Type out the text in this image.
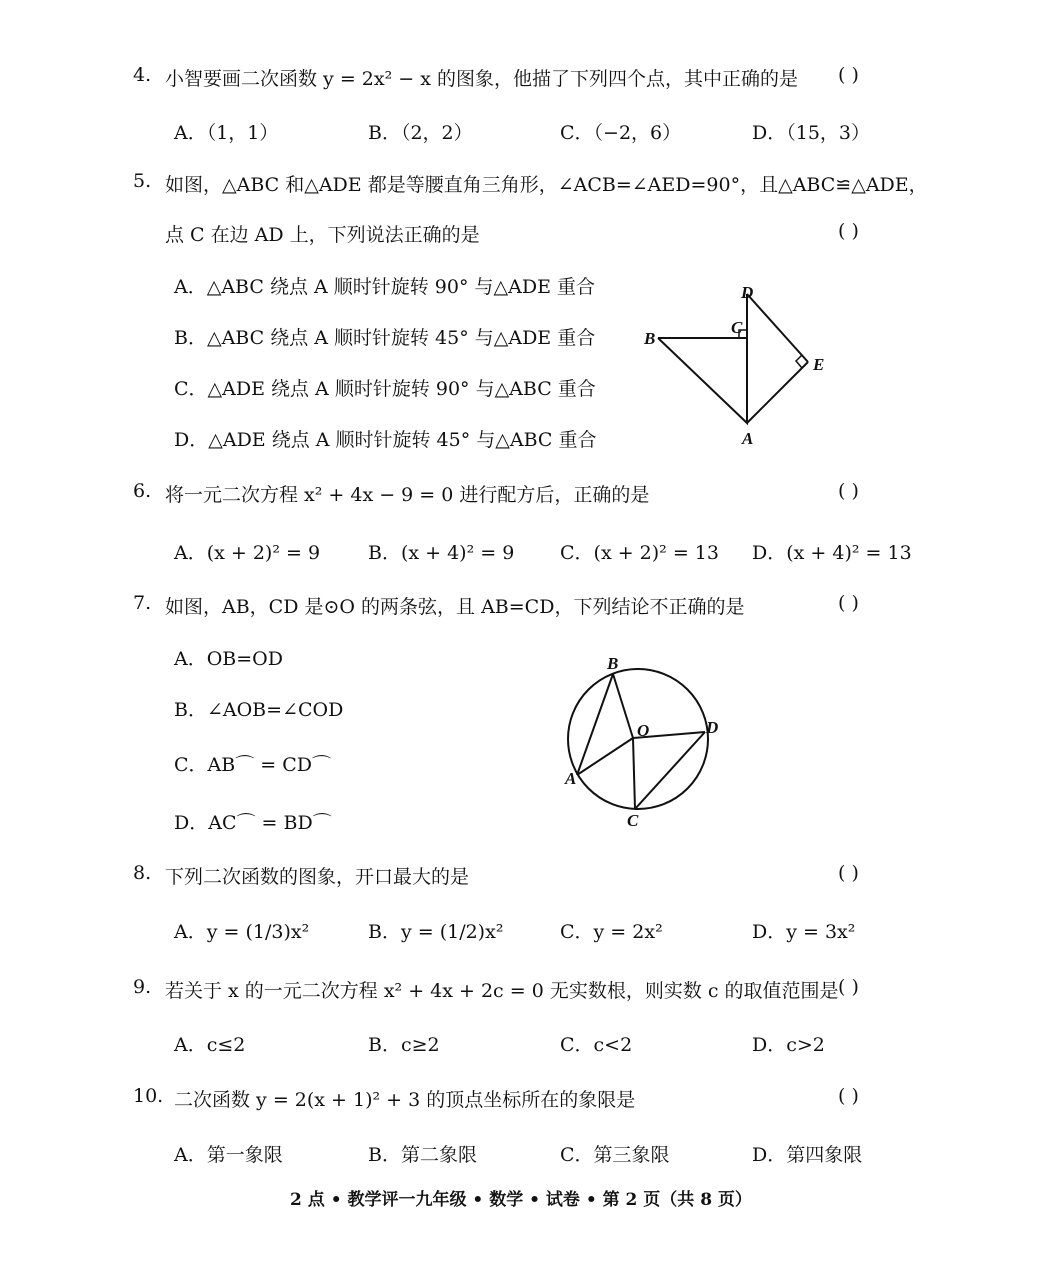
4. 小智要画二次函数 y = 2x² − x 的图象，他描了下列四个点，其中正确的是 ( )
A．（1，1）	B．（2，2）	C．（−2，6）	D．（15，3）
5. 如图，△ABC 和△ADE 都是等腰直角三角形，∠ACB=∠AED=90°，且△ABC≌△ADE，
点 C 在边 AD 上，下列说法正确的是	( )
A．△ABC 绕点 A 顺时针旋转 90° 与△ADE 重合
B．△ABC 绕点 A 顺时针旋转 45° 与△ADE 重合
C．△ADE 绕点 A 顺时针旋转 90° 与△ABC 重合
D．△ADE 绕点 A 顺时针旋转 45° 与△ABC 重合
D
C
B
E
A
6. 将一元二次方程 x² + 4x − 9 = 0 进行配方后，正确的是	( )
A．(x + 2)² = 9	B．(x + 4)² = 9 C．(x + 2)² = 13 D．(x + 4)² = 13
7. 如图，AB，CD 是⊙O 的两条弦，且 AB=CD，下列结论不正确的是	( )
A．OB=OD
B．∠AOB=∠COD
C．AB⌒ = CD⌒
D．AC⌒ = BD⌒
B
O	D
A
C
8. 下列二次函数的图象，开口最大的是	( )
A．y = (1/3)x²	B．y = (1/2)x²	C．y = 2x²	D．y = 3x²
9. 若关于 x 的一元二次方程 x² + 4x + 2c = 0 无实数根，则实数 c 的取值范围是 ( )
A．c≤2	B．c≥2	C．c<2	D．c>2
10. 二次函数 y = 2(x + 1)² + 3 的顶点坐标所在的象限是	( )
A．第一象限	B．第二象限	C．第三象限	D．第四象限
2 点 • 教学评一九年级 • 数学 • 试卷 • 第 2 页（共 8 页）
